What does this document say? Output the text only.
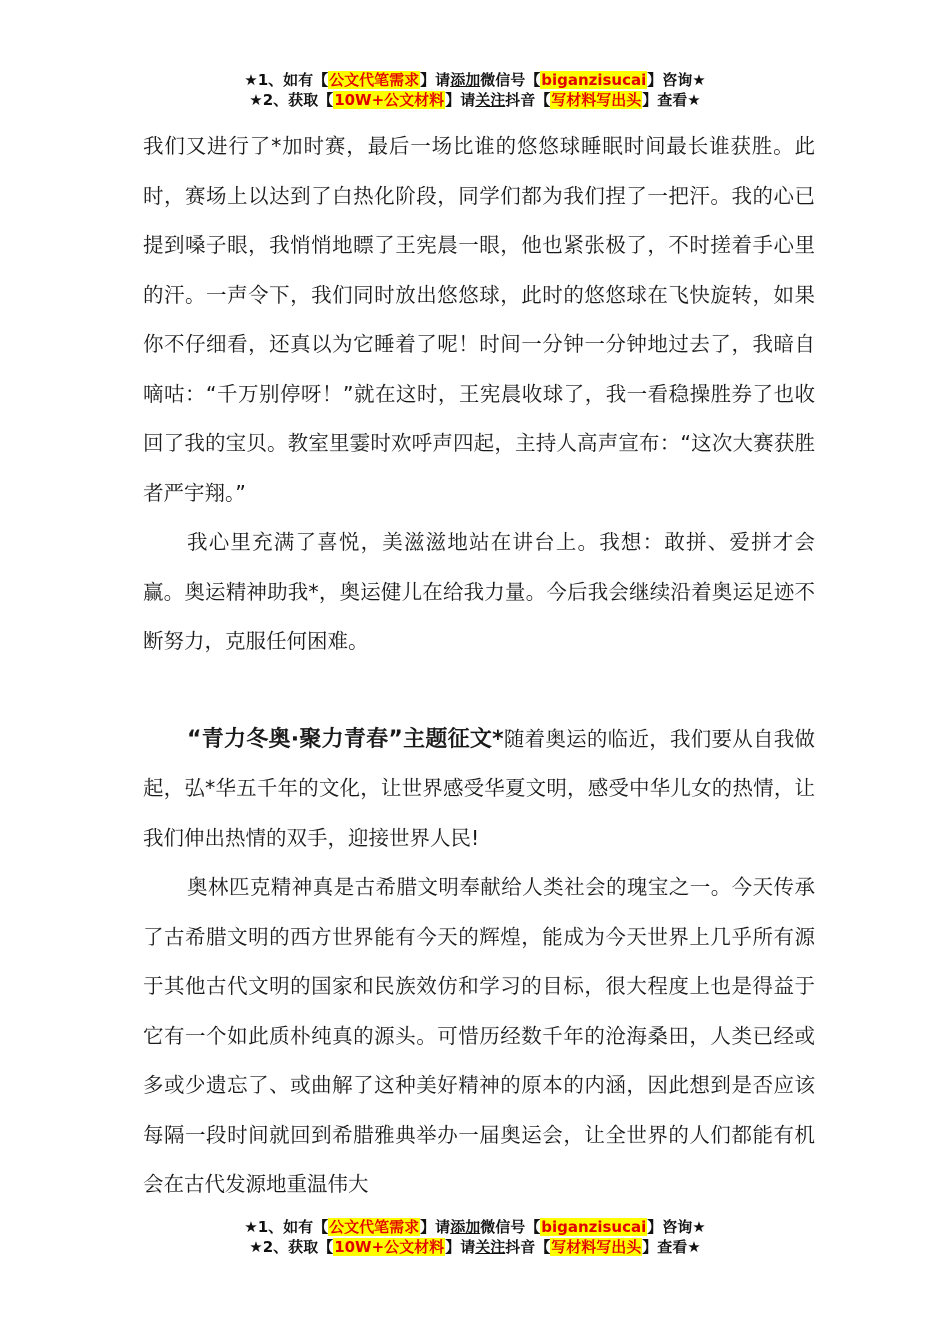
★1、如有【公文代笔需求】请添加微信号【biganzisucai】咨询★
★2、获取【10W+公文材料】请关注抖音【写材料写出头】查看★

我们又进行了*加时赛，最后一场比谁的悠悠球睡眠时间最长谁获胜。此时，赛场上以达到了白热化阶段，同学们都为我们捏了一把汗。我的心已提到嗓子眼，我悄悄地瞟了王宪晨一眼，他也紧张极了，不时搓着手心里的汗。一声令下，我们同时放出悠悠球，此时的悠悠球在飞快旋转，如果你不仔细看，还真以为它睡着了呢！时间一分钟一分钟地过去了，我暗自嘀咕：“千万别停呀！”就在这时，王宪晨收球了，我一看稳操胜券了也收回了我的宝贝。教室里霎时欢呼声四起，主持人高声宣布：“这次大赛获胜者严宇翔。”

我心里充满了喜悦，美滋滋地站在讲台上。我想：敢拼、爱拼才会赢。奥运精神助我*，奥运健儿在给我力量。今后我会继续沿着奥运足迹不断努力，克服任何困难。

“青力冬奥·聚力青春”主题征文*随着奥运的临近，我们要从自我做起，弘*华五千年的文化，让世界感受华夏文明，感受中华儿女的热情，让我们伸出热情的双手，迎接世界人民!

奥林匹克精神真是古希腊文明奉献给人类社会的瑰宝之一。今天传承了古希腊文明的西方世界能有今天的辉煌，能成为今天世界上几乎所有源于其他古代文明的国家和民族效仿和学习的目标，很大程度上也是得益于它有一个如此质朴纯真的源头。可惜历经数千年的沧海桑田，人类已经或多或少遗忘了、或曲解了这种美好精神的原本的内涵，因此想到是否应该每隔一段时间就回到希腊雅典举办一届奥运会，让全世界的人们都能有机会在古代发源地重温伟大

★1、如有【公文代笔需求】请添加微信号【biganzisucai】咨询★
★2、获取【10W+公文材料】请关注抖音【写材料写出头】查看★
